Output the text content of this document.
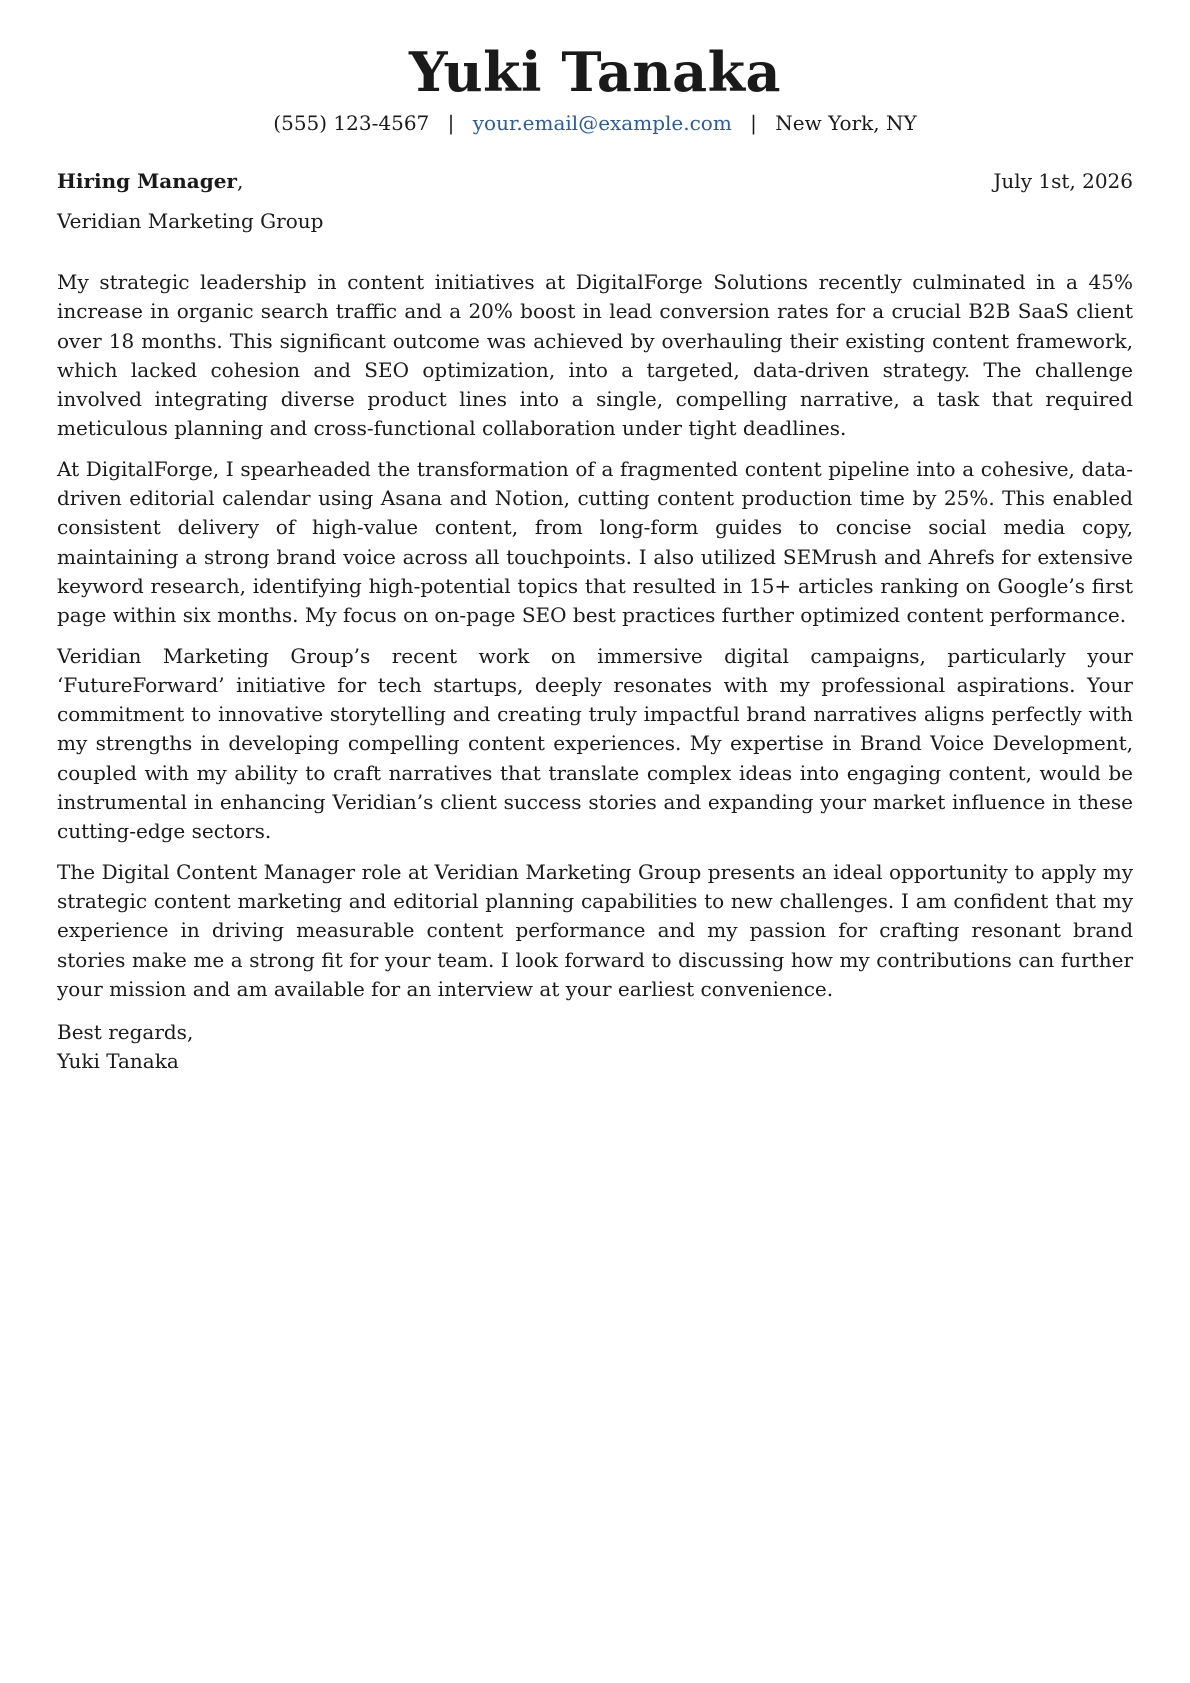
Yuki Tanaka
(555) 123-4567 | your.email@example.com | New York, NY
Hiring Manager,	July 1st, 2026
Veridian Marketing Group

My strategic leadership in content initiatives at DigitalForge Solutions recently culminated in a 45% increase in organic search traffic and a 20% boost in lead conversion rates for a crucial B2B SaaS client over 18 months. This significant outcome was achieved by overhauling their existing content framework, which lacked cohesion and SEO optimization, into a targeted, data-driven strategy. The challenge involved integrating diverse product lines into a single, compelling narrative, a task that required meticulous planning and cross-functional collaboration under tight deadlines.

At DigitalForge, I spearheaded the transformation of a fragmented content pipeline into a cohesive, data-driven editorial calendar using Asana and Notion, cutting content production time by 25%. This enabled consistent delivery of high-value content, from long-form guides to concise social media copy, maintaining a strong brand voice across all touchpoints. I also utilized SEMrush and Ahrefs for extensive keyword research, identifying high-potential topics that resulted in 15+ articles ranking on Google’s first page within six months. My focus on on-page SEO best practices further optimized content performance.

Veridian Marketing Group’s recent work on immersive digital campaigns, particularly your ‘FutureForward’ initiative for tech startups, deeply resonates with my professional aspirations. Your commitment to innovative storytelling and creating truly impactful brand narratives aligns perfectly with my strengths in developing compelling content experiences. My expertise in Brand Voice Development, coupled with my ability to craft narratives that translate complex ideas into engaging content, would be instrumental in enhancing Veridian’s client success stories and expanding your market influence in these cutting-edge sectors.

The Digital Content Manager role at Veridian Marketing Group presents an ideal opportunity to apply my strategic content marketing and editorial planning capabilities to new challenges. I am confident that my experience in driving measurable content performance and my passion for crafting resonant brand stories make me a strong fit for your team. I look forward to discussing how my contributions can further your mission and am available for an interview at your earliest convenience.

Best regards,
Yuki Tanaka
